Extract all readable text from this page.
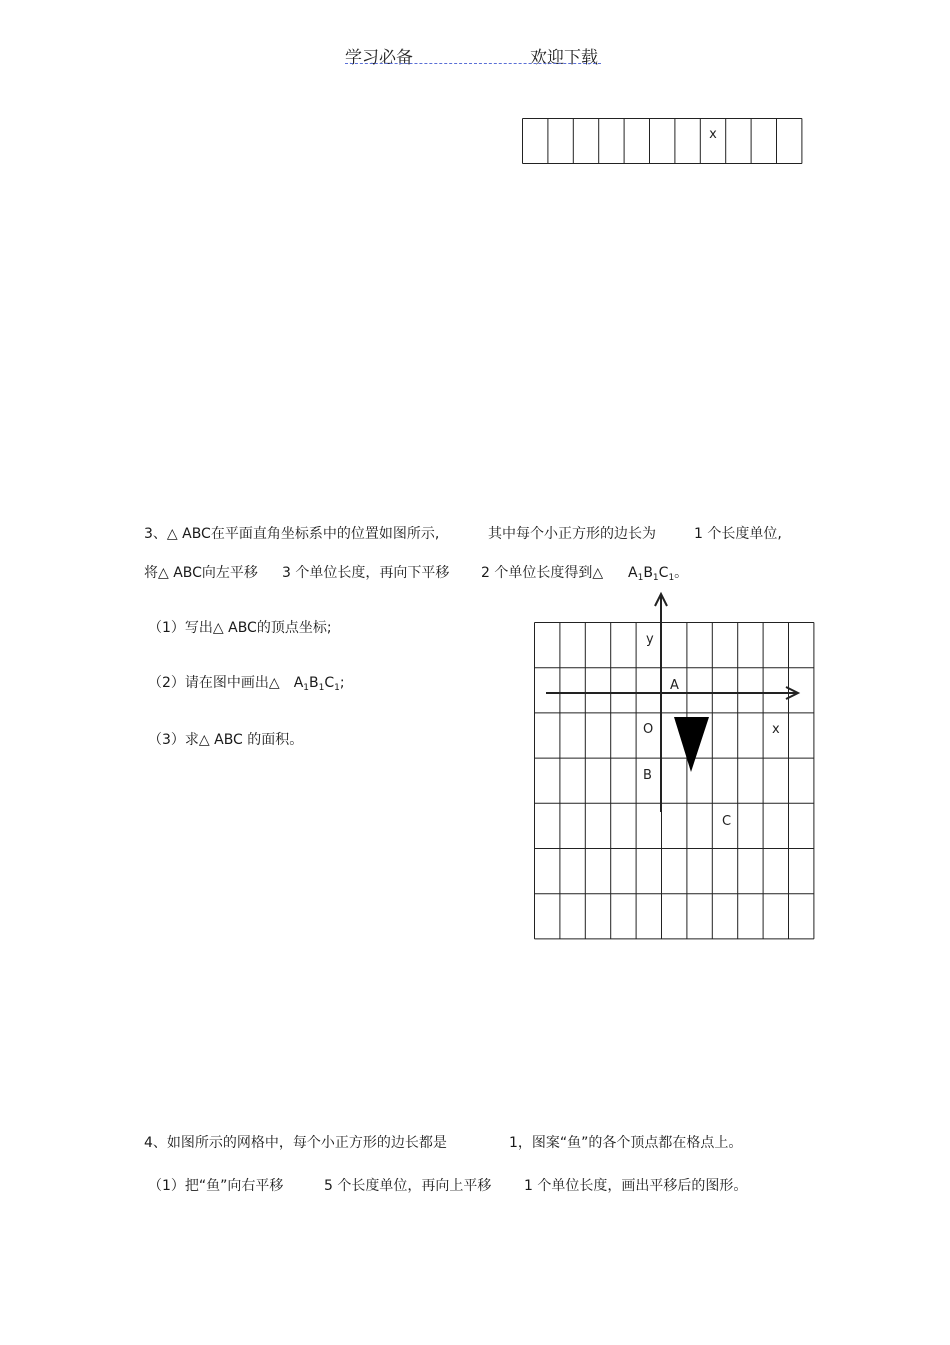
学习必备	欢迎下载
x
3、△ ABC在平面直角坐标系中的位置如图所示,	其中每个小正方形的边长为	1 个长度单位,
将△ ABC向左平移 3 个单位长度，再向下平移 2 个单位长度得到△ $A_1B_1C_1$。
（1）写出△ ABC的顶点坐标;
（2）请在图中画出△ $A_1B_1C_1$;
（3）求△ ABC 的面积。
y
A
O	x
B
C
4、如图所示的网格中，每个小正方形的边长都是	1，图案“鱼”的各个顶点都在格点上。
（1）把“鱼”向右平移	5 个长度单位，再向上平移 1 个单位长度，画出平移后的图形。
